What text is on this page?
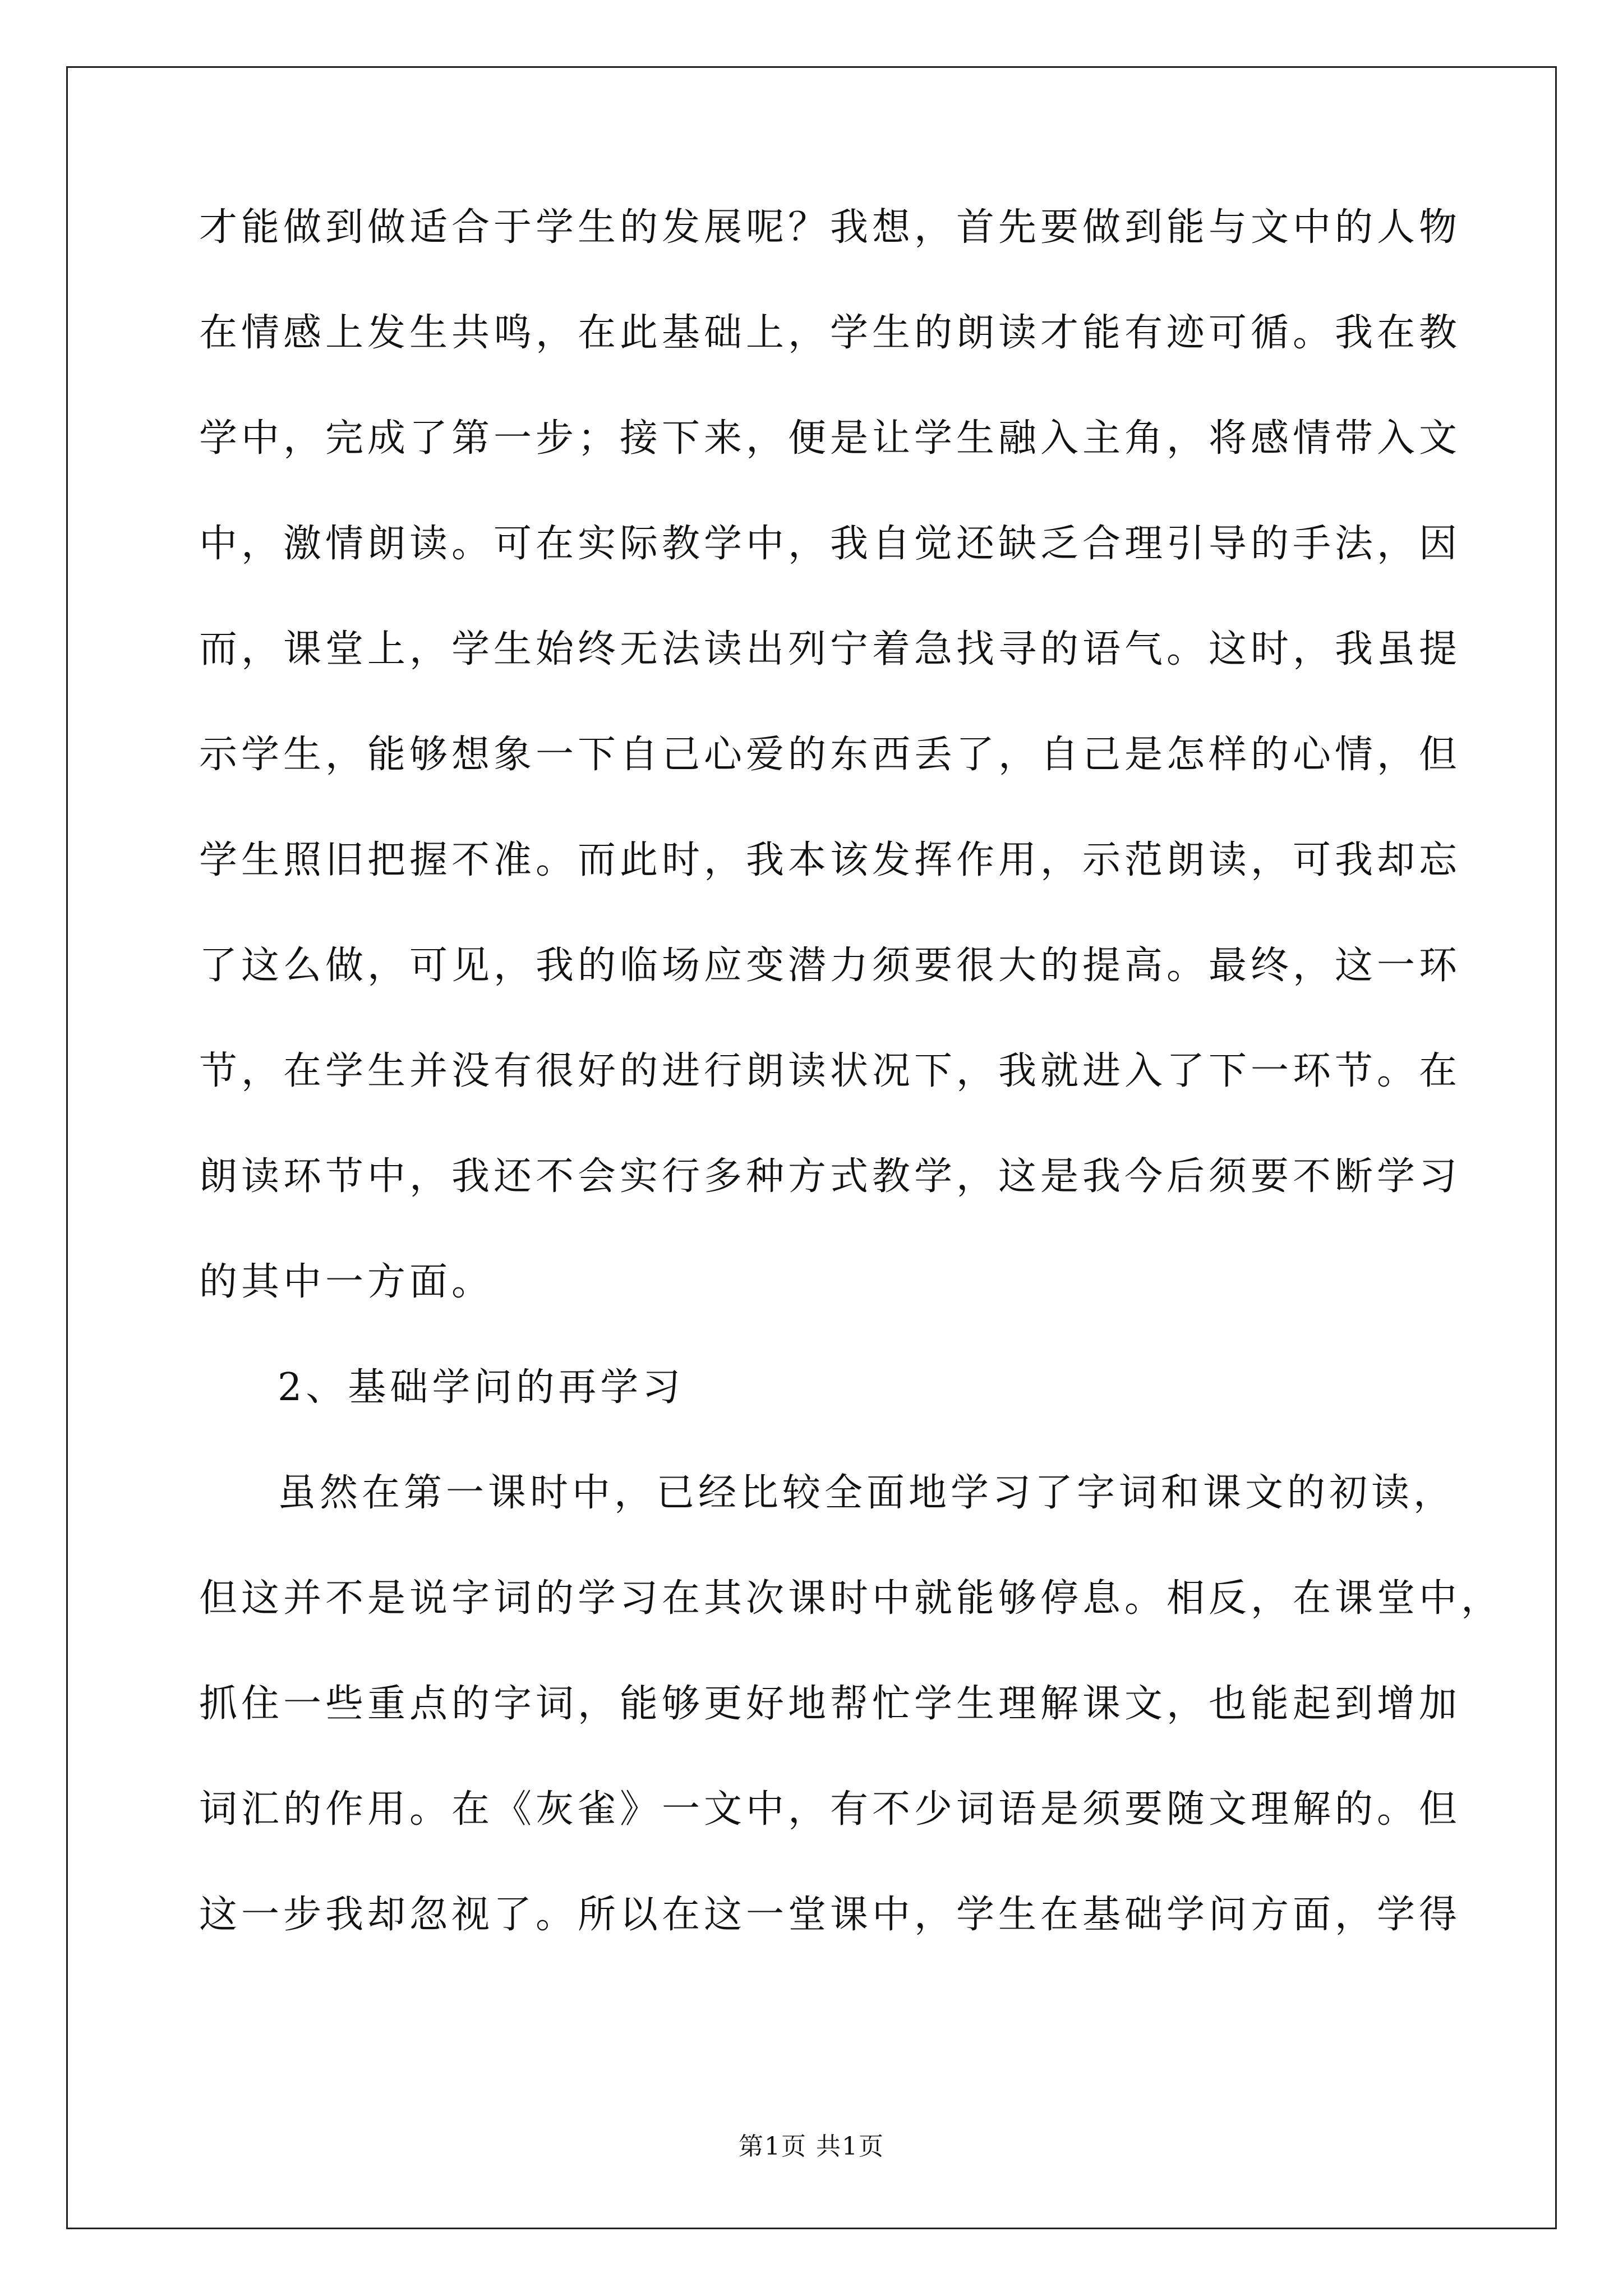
才能做到做适合于学生的发展呢？我想，首先要做到能与文中的人物
在情感上发生共鸣，在此基础上，学生的朗读才能有迹可循。我在教
学中，完成了第一步；接下来，便是让学生融入主角，将感情带入文
中，激情朗读。可在实际教学中，我自觉还缺乏合理引导的手法，因
而，课堂上，学生始终无法读出列宁着急找寻的语气。这时，我虽提
示学生，能够想象一下自己心爱的东西丢了，自己是怎样的心情，但
学生照旧把握不准。而此时，我本该发挥作用，示范朗读，可我却忘
了这么做，可见，我的临场应变潜力须要很大的提高。最终，这一环
节，在学生并没有很好的进行朗读状况下，我就进入了下一环节。在
朗读环节中，我还不会实行多种方式教学，这是我今后须要不断学习
的其中一方面。
2、基础学问的再学习
虽然在第一课时中，已经比较全面地学习了字词和课文的初读，
但这并不是说字词的学习在其次课时中就能够停息。相反，在课堂中，
抓住一些重点的字词，能够更好地帮忙学生理解课文，也能起到增加
词汇的作用。在《灰雀》一文中，有不少词语是须要随文理解的。但
这一步我却忽视了。所以在这一堂课中，学生在基础学问方面，学得
第1页 共1页
